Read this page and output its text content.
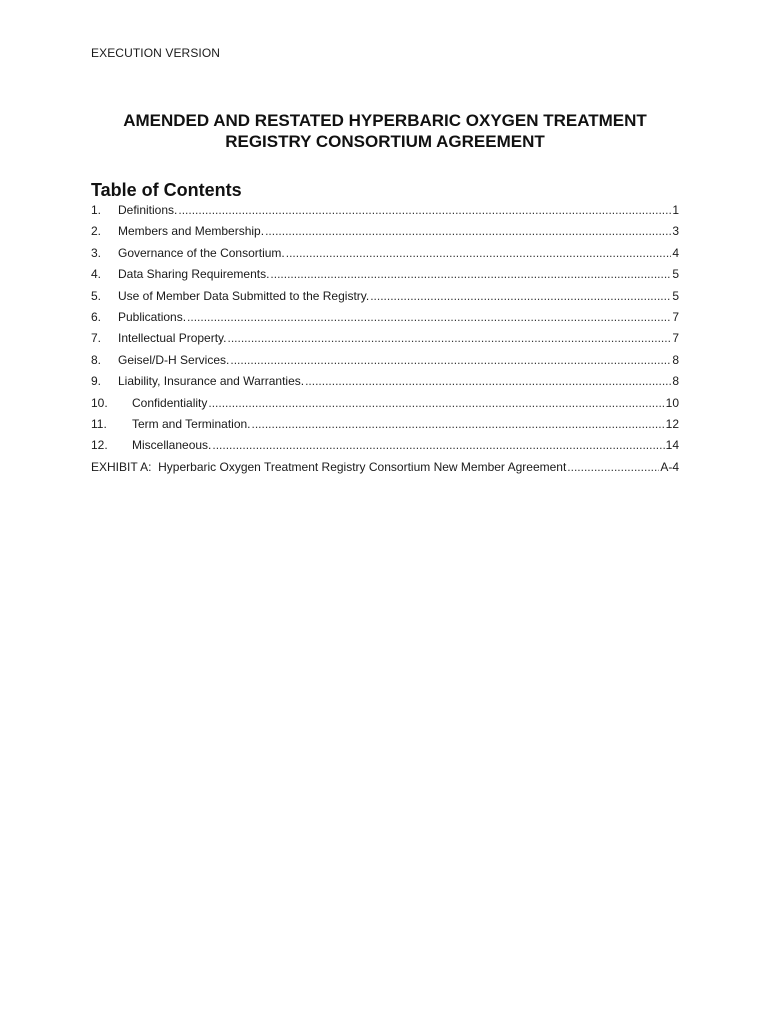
EXECUTION VERSION
AMENDED AND RESTATED HYPERBARIC OXYGEN TREATMENT
REGISTRY CONSORTIUM AGREEMENT
Table of Contents
1.	Definitions. .....	1
2.	Members and Membership. .....	3
3.	Governance of the Consortium. .....	4
4.	Data Sharing Requirements. .....	5
5.	Use of Member Data Submitted to the Registry. .....	5
6.	Publications. .....	7
7.	Intellectual Property. .....	7
8.	Geisel/D-H Services. .....	8
9.	Liability, Insurance and Warranties. .....	8
10.	Confidentiality .....	10
11.	Term and Termination. .....	12
12.	Miscellaneous. .....	14
EXHIBIT A:  Hyperbaric Oxygen Treatment Registry Consortium New Member Agreement .....	A-4
